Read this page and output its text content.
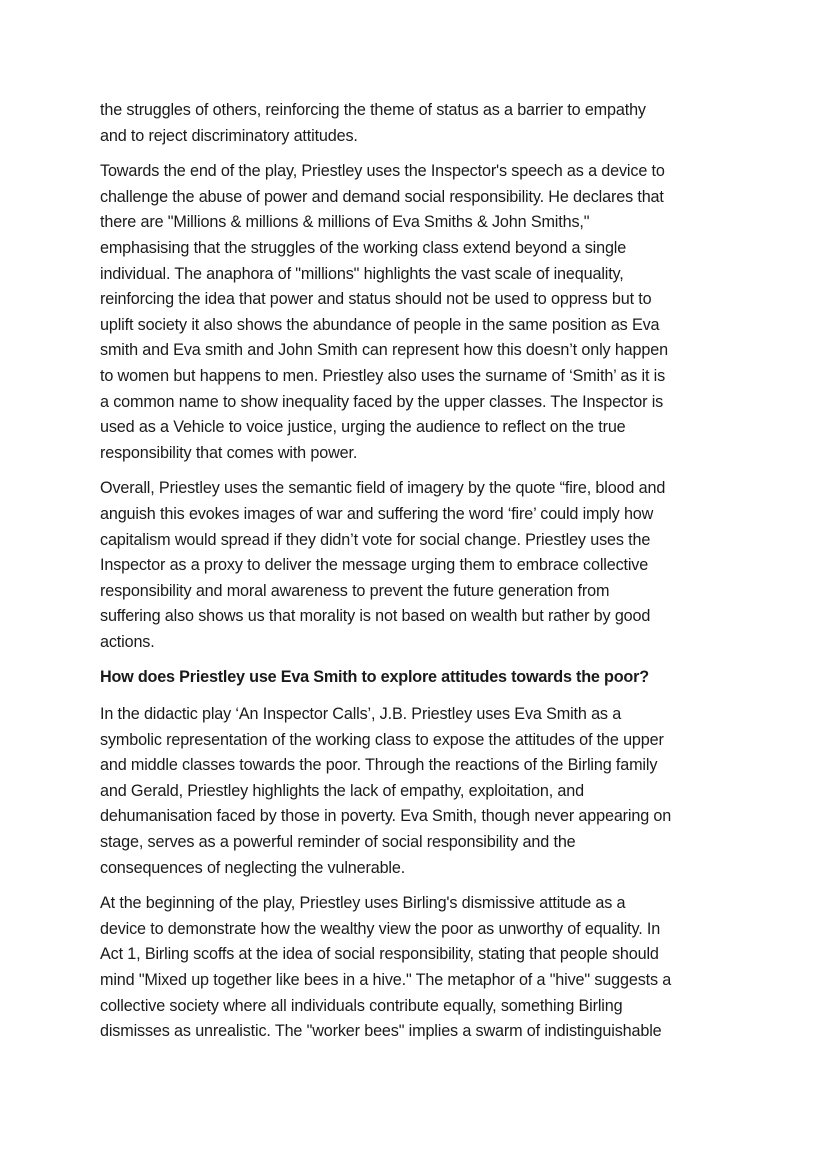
the struggles of others, reinforcing the theme of status as a barrier to empathy
and to reject discriminatory attitudes.

Towards the end of the play, Priestley uses the Inspector's speech as a device to
challenge the abuse of power and demand social responsibility. He declares that
there are "Millions & millions & millions of Eva Smiths & John Smiths,"
emphasising that the struggles of the working class extend beyond a single
individual. The anaphora of "millions" highlights the vast scale of inequality,
reinforcing the idea that power and status should not be used to oppress but to
uplift society it also shows the abundance of people in the same position as Eva
smith and Eva smith and John Smith can represent how this doesn’t only happen
to women but happens to men. Priestley also uses the surname of ‘Smith’ as it is
a common name to show inequality faced by the upper classes. The Inspector is
used as a Vehicle to voice justice, urging the audience to reflect on the true
responsibility that comes with power.

Overall, Priestley uses the semantic field of imagery by the quote “fire, blood and
anguish this evokes images of war and suffering the word ‘fire’ could imply how
capitalism would spread if they didn’t vote for social change. Priestley uses the
Inspector as a proxy to deliver the message urging them to embrace collective
responsibility and moral awareness to prevent the future generation from
suffering also shows us that morality is not based on wealth but rather by good
actions.

How does Priestley use Eva Smith to explore attitudes towards the poor?

In the didactic play ‘An Inspector Calls’, J.B. Priestley uses Eva Smith as a
symbolic representation of the working class to expose the attitudes of the upper
and middle classes towards the poor. Through the reactions of the Birling family
and Gerald, Priestley highlights the lack of empathy, exploitation, and
dehumanisation faced by those in poverty. Eva Smith, though never appearing on
stage, serves as a powerful reminder of social responsibility and the
consequences of neglecting the vulnerable.

At the beginning of the play, Priestley uses Birling's dismissive attitude as a
device to demonstrate how the wealthy view the poor as unworthy of equality. In
Act 1, Birling scoffs at the idea of social responsibility, stating that people should
mind "Mixed up together like bees in a hive." The metaphor of a "hive" suggests a
collective society where all individuals contribute equally, something Birling
dismisses as unrealistic. The "worker bees" implies a swarm of indistinguishable
